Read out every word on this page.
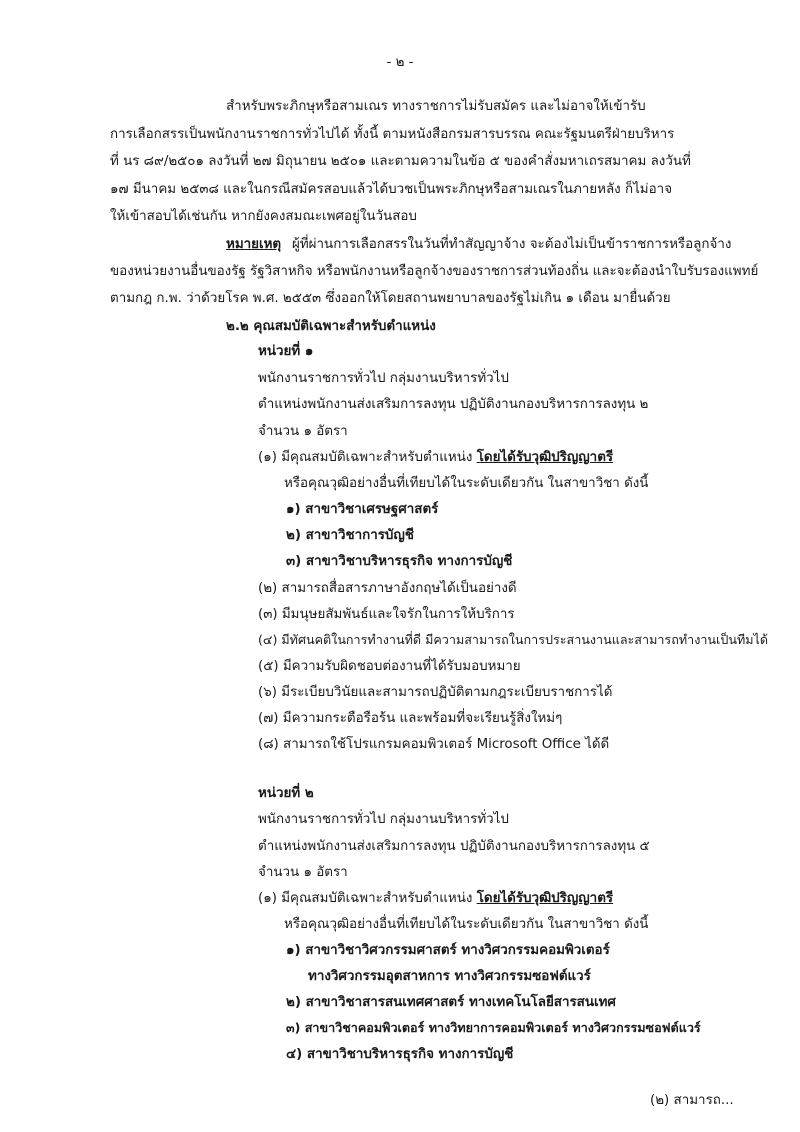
- ๒ -
สำหรับพระภิกษุหรือสามเณร ทางราชการไม่รับสมัคร และไม่อาจให้เข้ารับ
การเลือกสรรเป็นพนักงานราชการทั่วไปได้ ทั้งนี้ ตามหนังสือกรมสารบรรณ คณะรัฐมนตรีฝ่ายบริหาร
ที่ นร ๘๙/๒๕๐๑ ลงวันที่ ๒๗ มิถุนายน ๒๕๐๑ และตามความในข้อ ๕ ของคำสั่งมหาเถรสมาคม ลงวันที่
๑๗ มีนาคม ๒๕๓๘ และในกรณีสมัครสอบแล้วได้บวชเป็นพระภิกษุหรือสามเณรในภายหลัง ก็ไม่อาจ
ให้เข้าสอบได้เช่นกัน หากยังคงสมณะเพศอยู่ในวันสอบ
หมายเหตุ ผู้ที่ผ่านการเลือกสรรในวันที่ทำสัญญาจ้าง จะต้องไม่เป็นข้าราชการหรือลูกจ้าง
ของหน่วยงานอื่นของรัฐ รัฐวิสาหกิจ หรือพนักงานหรือลูกจ้างของราชการส่วนท้องถิ่น และจะต้องนำใบรับรองแพทย์
ตามกฎ ก.พ. ว่าด้วยโรค พ.ศ. ๒๕๕๓ ซึ่งออกให้โดยสถานพยาบาลของรัฐไม่เกิน ๑ เดือน มายื่นด้วย
๒.๒ คุณสมบัติเฉพาะสำหรับตำแหน่ง
หน่วยที่ ๑
พนักงานราชการทั่วไป กลุ่มงานบริหารทั่วไป
ตำแหน่งพนักงานส่งเสริมการลงทุน ปฏิบัติงานกองบริหารการลงทุน ๒
จำนวน ๑ อัตรา
(๑) มีคุณสมบัติเฉพาะสำหรับตำแหน่ง โดยได้รับวุฒิปริญญาตรี
หรือคุณวุฒิอย่างอื่นที่เทียบได้ในระดับเดียวกัน ในสาขาวิชา ดังนี้
๑) สาขาวิชาเศรษฐศาสตร์
๒) สาขาวิชาการบัญชี
๓) สาขาวิชาบริหารธุรกิจ ทางการบัญชี
(๒) สามารถสื่อสารภาษาอังกฤษได้เป็นอย่างดี
(๓) มีมนุษยสัมพันธ์และใจรักในการให้บริการ
(๔) มีทัศนคติในการทำงานที่ดี มีความสามารถในการประสานงานและสามารถทำงานเป็นทีมได้
(๕) มีความรับผิดชอบต่องานที่ได้รับมอบหมาย
(๖) มีระเบียบวินัยและสามารถปฏิบัติตามกฎระเบียบราชการได้
(๗) มีความกระตือรือร้น และพร้อมที่จะเรียนรู้สิ่งใหม่ๆ
(๘) สามารถใช้โปรแกรมคอมพิวเตอร์ Microsoft Office ได้ดี
หน่วยที่ ๒
พนักงานราชการทั่วไป กลุ่มงานบริหารทั่วไป
ตำแหน่งพนักงานส่งเสริมการลงทุน ปฏิบัติงานกองบริหารการลงทุน ๕
จำนวน ๑ อัตรา
(๑) มีคุณสมบัติเฉพาะสำหรับตำแหน่ง โดยได้รับวุฒิปริญญาตรี
หรือคุณวุฒิอย่างอื่นที่เทียบได้ในระดับเดียวกัน ในสาขาวิชา ดังนี้
๑) สาขาวิชาวิศวกรรมศาสตร์ ทางวิศวกรรมคอมพิวเตอร์
ทางวิศวกรรมอุตสาหการ ทางวิศวกรรมซอฟต์แวร์
๒) สาขาวิชาสารสนเทศศาสตร์ ทางเทคโนโลยีสารสนเทศ
๓) สาขาวิชาคอมพิวเตอร์ ทางวิทยาการคอมพิวเตอร์ ทางวิศวกรรมซอฟต์แวร์
๔) สาขาวิชาบริหารธุรกิจ ทางการบัญชี
(๒) สามารถ...
